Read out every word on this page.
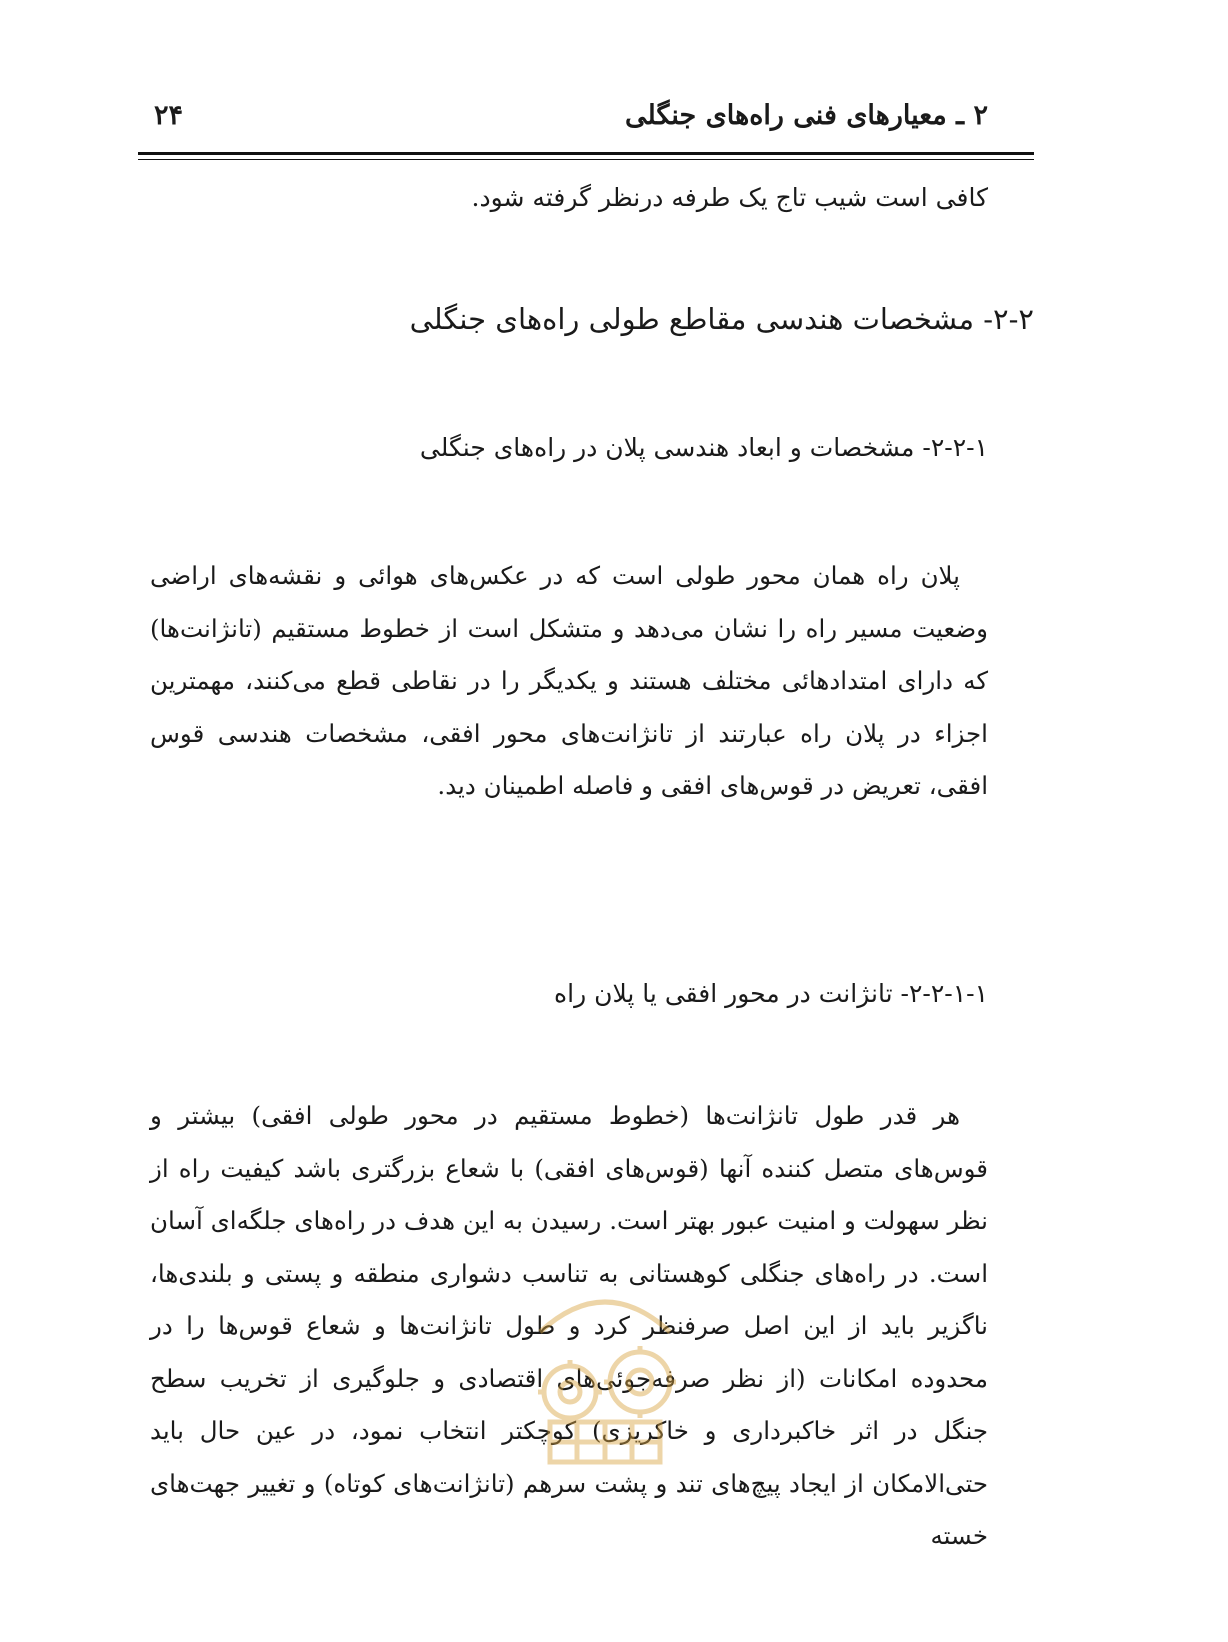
۲ ـ معیارهای فنی راه‌های جنگلی
۲۴
کافی است شیب تاج یک طرفه درنظر گرفته شود.
۲-۲- مشخصات هندسی مقاطع طولی راه‌های جنگلی
۲-۲-۱- مشخصات و ابعاد هندسی پلان در راه‌های جنگلی

پلان راه همان محور طولی است که در عکس‌های هوائی و نقشه‌های اراضی وضعیت مسیر راه را نشان می‌دهد و متشکل است از خطوط مستقیم (تانژانت‌ها) که دارای امتدادهائی مختلف هستند و یکدیگر را در نقاطی قطع می‌کنند، مهمترین اجزاء در پلان راه عبارتند از تانژانت‌های محور افقی، مشخصات هندسی قوس افقی، تعریض در قوس‌های افقی و فاصله اطمینان دید.

۲-۲-۱-۱- تانژانت در محور افقی یا پلان راه

هر قدر طول تانژانت‌ها (خطوط مستقیم در محور طولی افقی) بیشتر و قوس‌های متصل کننده آنها (قوس‌های افقی) با شعاع بزرگتری باشد کیفیت راه از نظر سهولت و امنیت عبور بهتر است. رسیدن به این هدف در راه‌های جلگه‌ای آسان است. در راه‌های جنگلی کوهستانی به تناسب دشواری منطقه و پستی و بلندی‌ها، ناگزیر باید از این اصل صرفنظر کرد و طول تانژانت‌ها و شعاع قوس‌ها را در محدوده امکانات (از نظر صرفه‌جوئی‌های اقتصادی و جلوگیری از تخریب سطح جنگل در اثر خاکبرداری و خاکریزی) کوچکتر انتخاب نمود، در عین حال باید حتی‌الامکان از ایجاد پیچ‌های تند و پشت سرهم (تانژانت‌های کوتاه) و تغییر جهت‌های خسته
